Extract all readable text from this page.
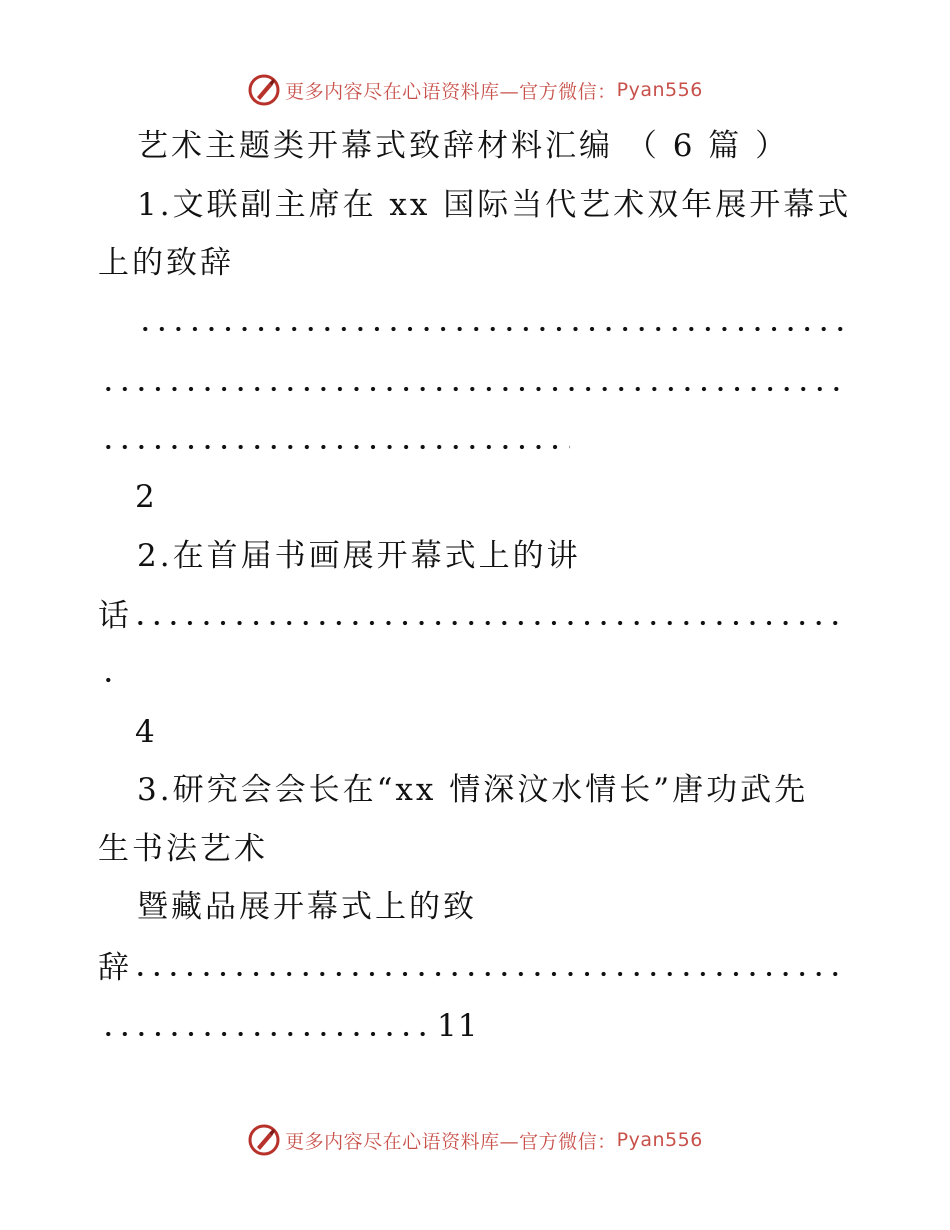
更多内容尽在心语资料库—官方微信： Pyan556
艺术主题类开幕式致辞材料汇编 （ 6 篇 ）
1.文联副主席在 xx 国际当代艺术双年展开幕式
上的致辞
2
2.在首届书画展开幕式上的讲
话
4
3.研究会会长在“xx 情深汶水情长”唐功武先
生书法艺术
暨藏品展开幕式上的致
辞
11
更多内容尽在心语资料库—官方微信： Pyan556
